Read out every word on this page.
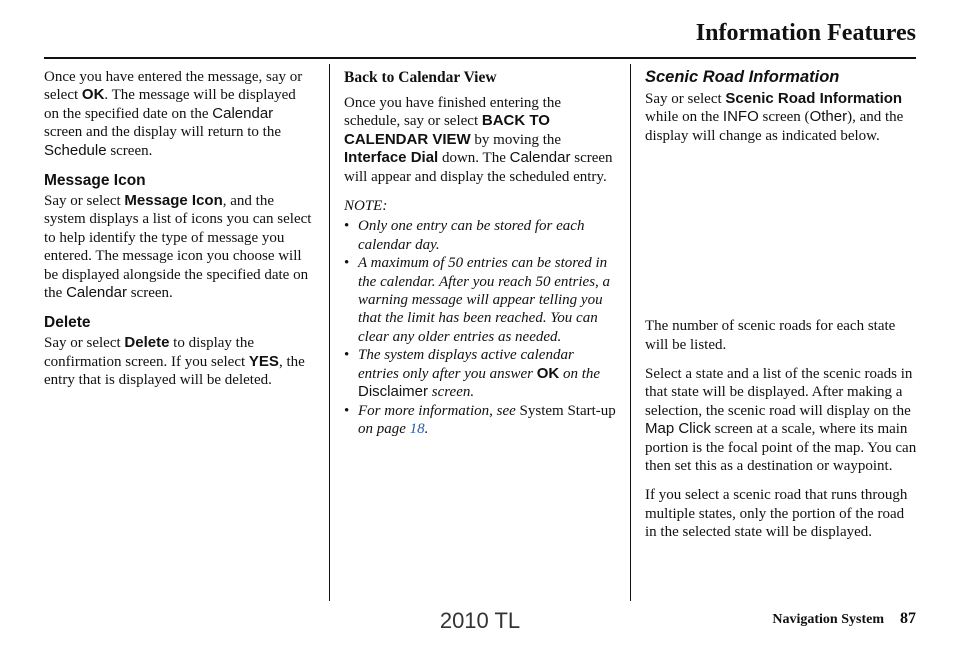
Information Features

Once you have entered the message, say or select OK. The message will be displayed on the specified date on the Calendar screen and the display will return to the Schedule screen.

Message Icon

Say or select Message Icon, and the system displays a list of icons you can select to help identify the type of message you entered. The message icon you choose will be displayed alongside the specified date on the Calendar screen.

Delete

Say or select Delete to display the confirmation screen. If you select YES, the entry that is displayed will be deleted.

Back to Calendar View

Once you have finished entering the schedule, say or select BACK TO CALENDAR VIEW by moving the Interface Dial down. The Calendar screen will appear and display the scheduled entry.

NOTE:
• Only one entry can be stored for each calendar day.
• A maximum of 50 entries can be stored in the calendar. After you reach 50 entries, a warning message will appear telling you that the limit has been reached. You can clear any older entries as needed.
• The system displays active calendar entries only after you answer OK on the Disclaimer screen.
• For more information, see System Start-up on page 18.
Scenic Road Information

Say or select Scenic Road Information while on the INFO screen (Other), and the display will change as indicated below.

The number of scenic roads for each state will be listed.

Select a state and a list of the scenic roads in that state will be displayed. After making a selection, the scenic road will display on the Map Click screen at a scale, where its main portion is the focal point of the map. You can then set this as a destination or waypoint.

If you select a scenic road that runs through multiple states, only the portion of the road in the selected state will be displayed.

Navigation System 87
2010 TL
